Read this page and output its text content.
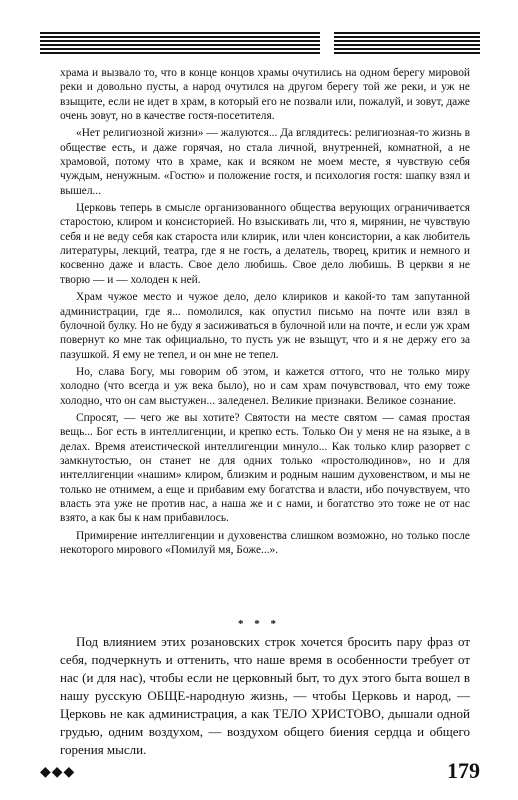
храма и вызвало то, что в конце концов храмы очутились на одном берегу мировой реки и довольно пусты, а народ очутился на другом берегу той же реки, и уж не взыщите, если не идет в храм, в который его не позвали или, пожалуй, и зовут, даже очень зовут, но в качестве гостя-посетителя.

«Нет религиозной жизни» — жалуются... Да вглядитесь: религиозная-то жизнь в обществе есть, и даже горячая, но стала личной, внутренней, комнатной, а не храмовой, потому что в храме, как и всяком не моем месте, я чувствую себя чуждым, ненужным. «Гостю» и положение гостя, и психология гостя: шапку взял и вышел...

Церковь теперь в смысле организованного общества верующих ограничивается старостою, клиром и консисторией. Но взыскивать ли, что я, мирянин, не чувствую себя и не веду себя как староста или клирик, или член консистории, а как любитель литературы, лекций, театра, где я не гость, а делатель, творец, критик и немного и косвенно даже и власть. Свое дело любишь. Свое дело любишь. В церкви я не творю — и — холоден к ней.

Храм чужое место и чужое дело, дело клириков и какой-то там запутанной администрации, где я... помолился, как опустил письмо на почте или взял в булочной булку. Но не буду я засиживаться в булочной или на почте, и если уж храм повернут ко мне так официально, то пусть уж не взыщут, что и я не держу его за пазушкой. Я ему не тепел, и он мне не тепел.

Но, слава Богу, мы говорим об этом, и кажется оттого, что не только миру холодно (что всегда и уж века было), но и сам храм почувствовал, что ему тоже холодно, что он сам выстужен... заледенел. Великие признаки. Великое сознание.

Спросят, — чего же вы хотите? Святости на месте святом — самая простая вещь... Бог есть в интеллигенции, и крепко есть. Только Он у меня не на языке, а в делах. Время атеистической интеллигенции минуло... Как только клир разорвет с замкнутостью, он станет не для одних только «простолюдинов», но и для интеллигенции «нашим» клиром, близким и родным нашим духовенством, и мы не только не отнимем, а еще и прибавим ему богатства и власти, ибо почувствуем, что власть эта уже не против нас, а наша же и с нами, и богатство это тоже не от нас взято, а как бы к нам прибавилось.

Примирение интеллигенции и духовенства слишком возможно, но только после некоторого мирового «Помилуй мя, Боже...».

* * *

Под влиянием этих розановских строк хочется бросить пару фраз от себя, подчеркнуть и оттенить, что наше время в особенности требует от нас (и для нас), чтобы если не церковный быт, то дух этого быта вошел в нашу русскую ОБЩЕ-народную жизнь, — чтобы Церковь и народ, — Церковь не как администрация, а как ТЕЛО ХРИСТОВО, дышали одной грудью, одним воздухом, — воздухом общего биения сердца и общего горения мысли.

◆◆◆	179
